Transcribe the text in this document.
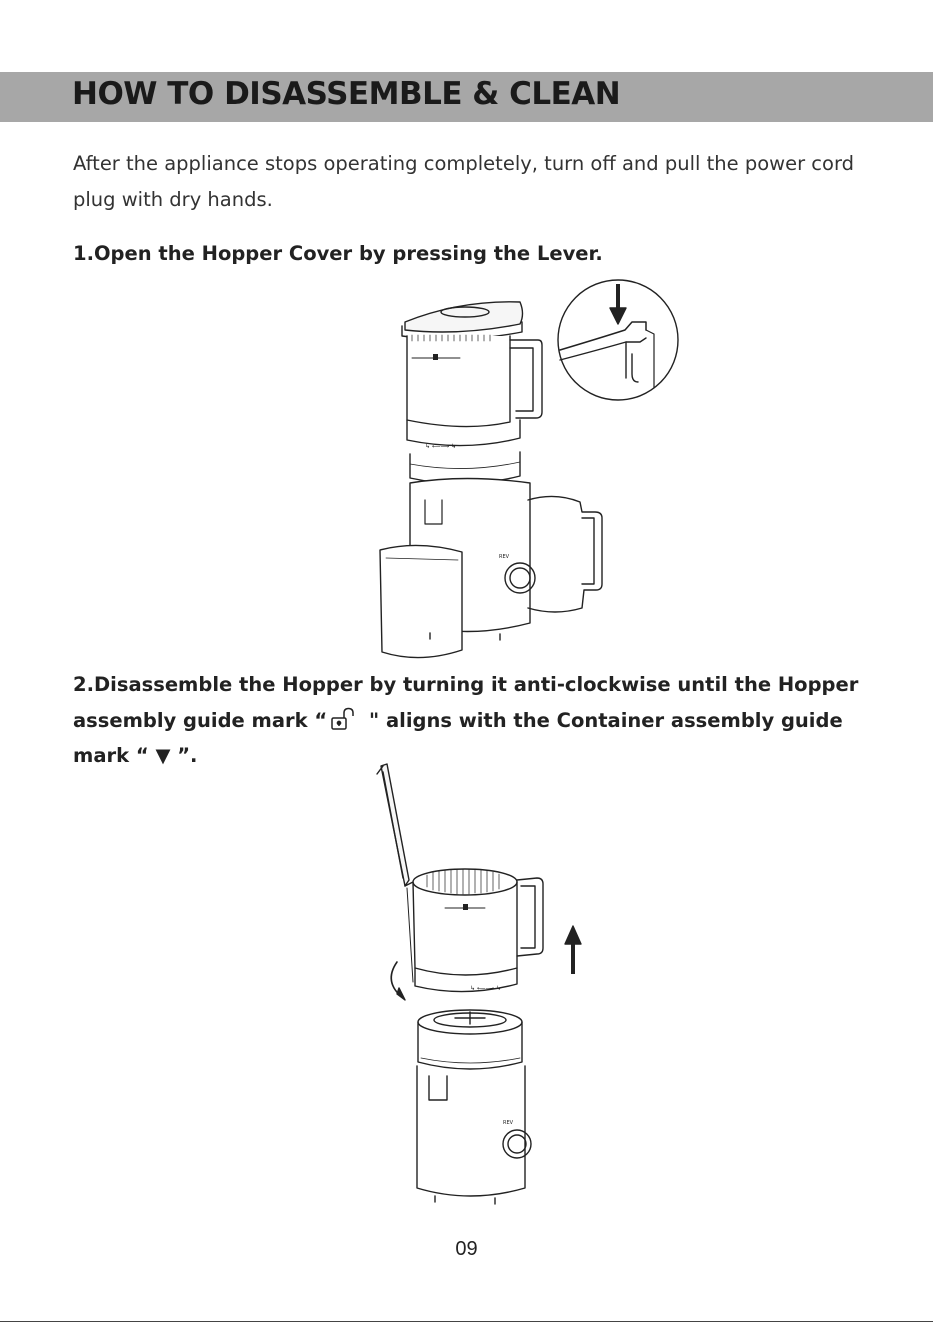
HOW TO DISASSEMBLE & CLEAN
After the appliance stops operating completely, turn off and pull the power cord plug with dry hands.
1.Open the Hopper Cover by pressing the Lever.
↳ ⟵⟶ ↳
REV
2.Disassemble the Hopper by turning it anti-clockwise until the Hopper assembly guide mark “ " aligns with the Container assembly guide mark “ ▼ ”.
↳ ⟵⟶ ↳
REV
09
